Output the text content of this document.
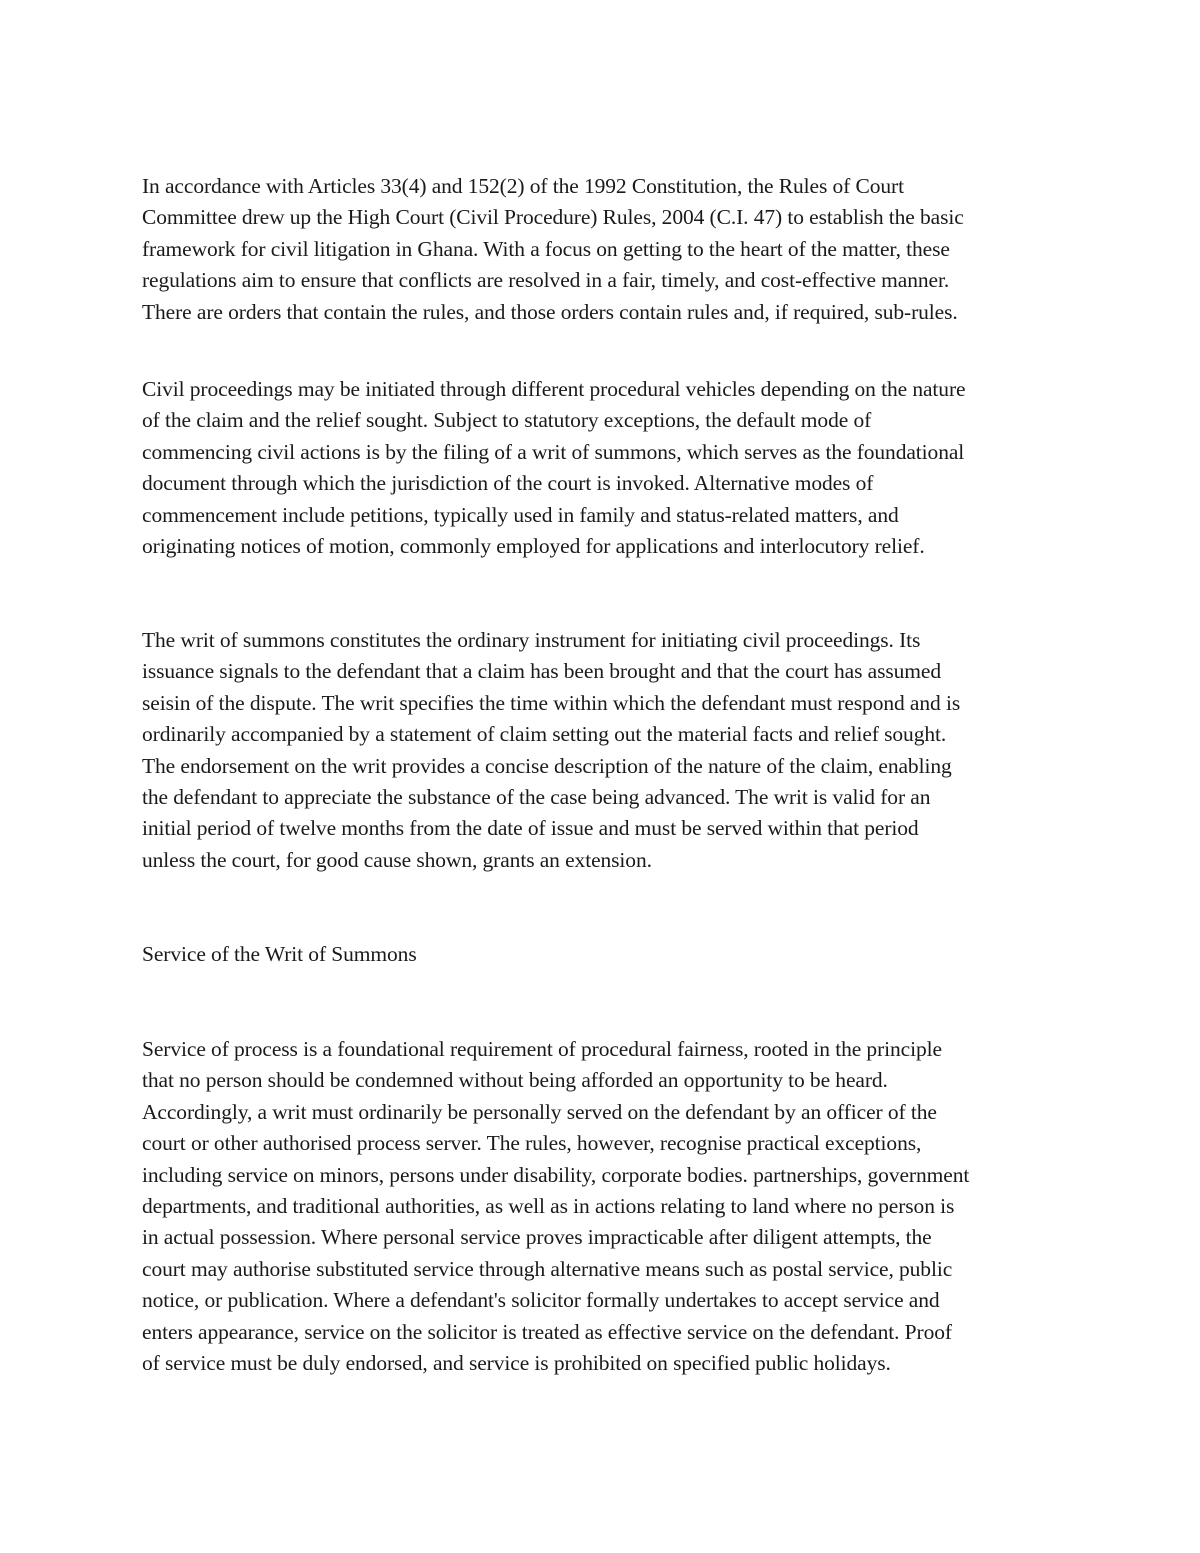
In accordance with Articles 33(4) and 152(2) of the 1992 Constitution, the Rules of Court
Committee drew up the High Court (Civil Procedure) Rules, 2004 (C.I. 47) to establish the basic
framework for civil litigation in Ghana. With a focus on getting to the heart of the matter, these
regulations aim to ensure that conflicts are resolved in a fair, timely, and cost-effective manner.
There are orders that contain the rules, and those orders contain rules and, if required, sub-rules.
Civil proceedings may be initiated through different procedural vehicles depending on the nature
of the claim and the relief sought. Subject to statutory exceptions, the default mode of
commencing civil actions is by the filing of a writ of summons, which serves as the foundational
document through which the jurisdiction of the court is invoked. Alternative modes of
commencement include petitions, typically used in family and status-related matters, and
originating notices of motion, commonly employed for applications and interlocutory relief.
The writ of summons constitutes the ordinary instrument for initiating civil proceedings. Its
issuance signals to the defendant that a claim has been brought and that the court has assumed
seisin of the dispute. The writ specifies the time within which the defendant must respond and is
ordinarily accompanied by a statement of claim setting out the material facts and relief sought.
The endorsement on the writ provides a concise description of the nature of the claim, enabling
the defendant to appreciate the substance of the case being advanced. The writ is valid for an
initial period of twelve months from the date of issue and must be served within that period
unless the court, for good cause shown, grants an extension.
Service of the Writ of Summons
Service of process is a foundational requirement of procedural fairness, rooted in the principle
that no person should be condemned without being afforded an opportunity to be heard.
Accordingly, a writ must ordinarily be personally served on the defendant by an officer of the
court or other authorised process server. The rules, however, recognise practical exceptions,
including service on minors, persons under disability, corporate bodies. partnerships, government
departments, and traditional authorities, as well as in actions relating to land where no person is
in actual possession. Where personal service proves impracticable after diligent attempts, the
court may authorise substituted service through alternative means such as postal service, public
notice, or publication. Where a defendant's solicitor formally undertakes to accept service and
enters appearance, service on the solicitor is treated as effective service on the defendant. Proof
of service must be duly endorsed, and service is prohibited on specified public holidays.
